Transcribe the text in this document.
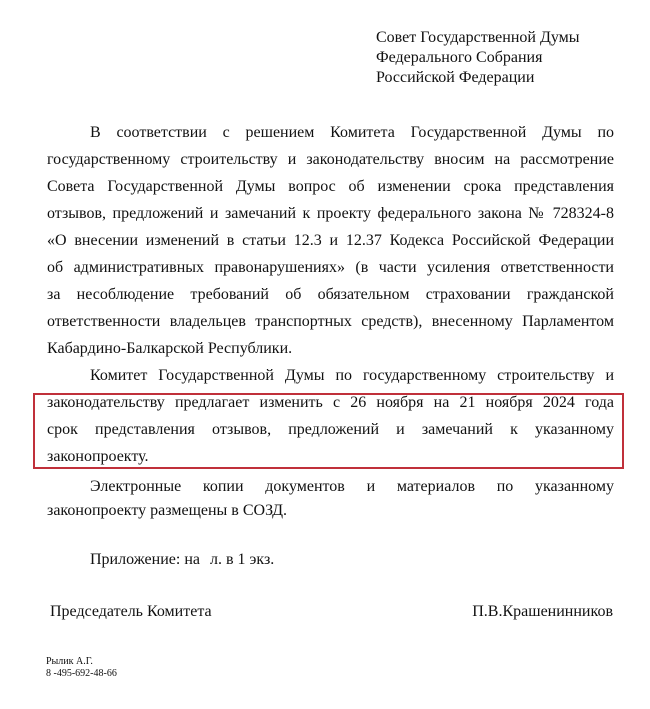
Совет Государственной Думы
Федерального Собрания
Российской Федерации
В соответствии с решением Комитета Государственной Думы по
государственному строительству и законодательству вносим на рассмотрение
Совета Государственной Думы вопрос об изменении срока представления
отзывов, предложений и замечаний к проекту федерального закона № 728324-8
«О внесении изменений в статьи 12.3 и 12.37 Кодекса Российской Федерации
об административных правонарушениях» (в части усиления ответственности
за несоблюдение требований об обязательном страховании гражданской
ответственности владельцев транспортных средств), внесенному Парламентом
Кабардино-Балкарской Республики.
Комитет Государственной Думы по государственному строительству и
законодательству предлагает изменить с 26 ноября на 21 ноября 2024 года
срок представления отзывов, предложений и замечаний к указанному
законопроекту.
Электронные копии документов и материалов по указанному
законопроекту размещены в СОЗД.
Приложение: на л. в 1 экз.
Председатель Комитета	П.В.Крашенинников
Рылик А.Г.
8 -495-692-48-66
